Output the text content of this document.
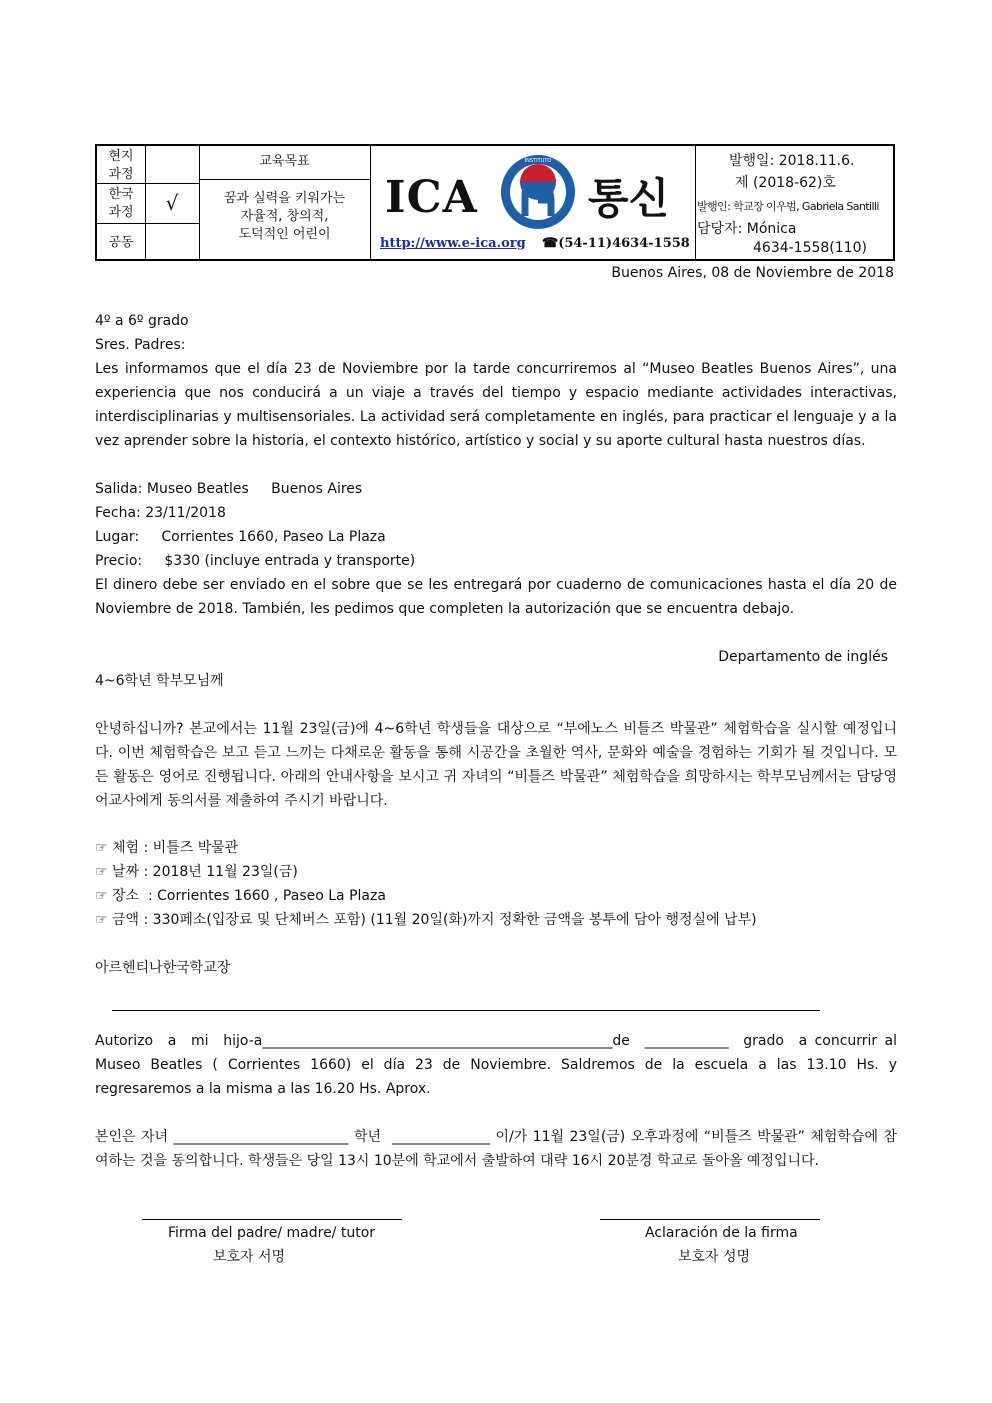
현지
과정
한국
과정
공동
√
교육목표
꿈과 실력을 키워가는
자율적, 창의적,
도덕적인 어린이
ICA
INSTITUTO
통신
http://www.e-ica.org ☎(54-11)4634-1558
발행일: 2018.11.6.
제 (2018-62)호
발행인: 학교장 이우범, Gabriela Santilli
담당자: Mónica
4634-1558(110)
Buenos Aires, 08 de Noviembre de 2018
4º a 6º grado
Sres. Padres:
Les informamos que el día 23 de Noviembre por la tarde concurriremos al “Museo Beatles Buenos Aires”, una experiencia que nos conducirá a un viaje a través del tiempo y espacio mediante actividades interactivas, interdisciplinarias y multisensoriales. La actividad será completamente en inglés, para practicar el lenguaje y a la vez aprender sobre la historia, el contexto histórico, artístico y social y su aporte cultural hasta nuestros días.
Salida: Museo Beatles     Buenos Aires
Fecha: 23/11/2018
Lugar:     Corrientes 1660, Paseo La Plaza
Precio:     $330 (incluye entrada y transporte)
El dinero debe ser enviado en el sobre que se les entregará por cuaderno de comunicaciones hasta el día 20 de Noviembre de 2018. También, les pedimos que completen la autorización que se encuentra debajo.
Departamento de inglés
4~6학년 학부모님께
안녕하십니까? 본교에서는 11월 23일(금)에 4~6학년 학생들을 대상으로 “부에노스 비틀즈 박물관” 체험학습을 실시할 예정입니다. 이번 체험학습은 보고 듣고 느끼는 다채로운 활동을 통해 시공간을 초월한 역사, 문화와 예술을 경험하는 기회가 될 것입니다. 모든 활동은 영어로 진행됩니다. 아래의 안내사항을 보시고 귀 자녀의 “비틀즈 박물관” 체험학습을 희망하시는 학부모님께서는 담당영어교사에게 동의서를 제출하여 주시기 바랍니다.
☞ 체험 : 비틀즈 박물관
☞ 날짜 : 2018년 11월 23일(금)
☞ 장소  : Corrientes 1660 , Paseo La Plaza
☞ 금액 : 330페소(입장료 및 단체버스 포함) (11월 20일(화)까지 정확한 금액을 봉투에 담아 행정실에 납부)
아르헨티나한국학교장
Autorizo  a  mi  hijo-a__________________________________________________de  ____________  grado  a concurrir al Museo Beatles ( Corrientes 1660) el día 23 de Noviembre. Saldremos de la escuela a las 13.10 Hs. y regresaremos a la misma a las 16.20 Hs. Aprox.
본인은 자녀 _________________________ 학년  ______________ 이/가 11월 23일(금) 오후과정에 “비틀즈 박물관” 체험학습에 참여하는 것을 동의합니다. 학생들은 당일 13시 10분에 학교에서 출발하여 대략 16시 20분경 학교로 돌아올 예정입니다.
Firma del padre/ madre/ tutor
보호자 서명
Aclaración de la firma
보호자 성명
